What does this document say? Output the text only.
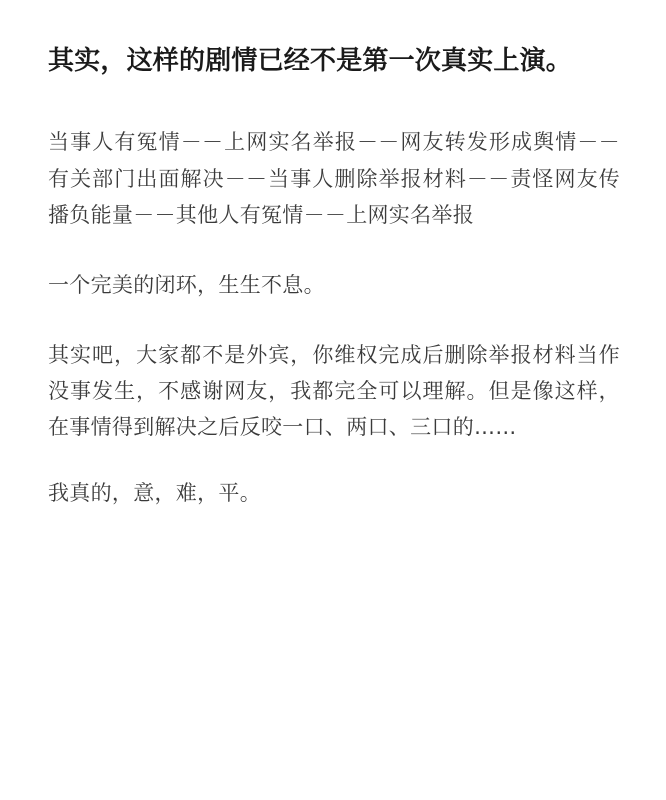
其实，这样的剧情已经不是第一次真实上演。

当事人有冤情－－上网实名举报－－网友转发形成舆情－－有关部门出面解决－－当事人删除举报材料－－责怪网友传播负能量－－其他人有冤情－－上网实名举报

一个完美的闭环，生生不息。

其实吧，大家都不是外宾，你维权完成后删除举报材料当作没事发生，不感谢网友，我都完全可以理解。但是像这样，在事情得到解决之后反咬一口、两口、三口的……

我真的，意，难，平。
